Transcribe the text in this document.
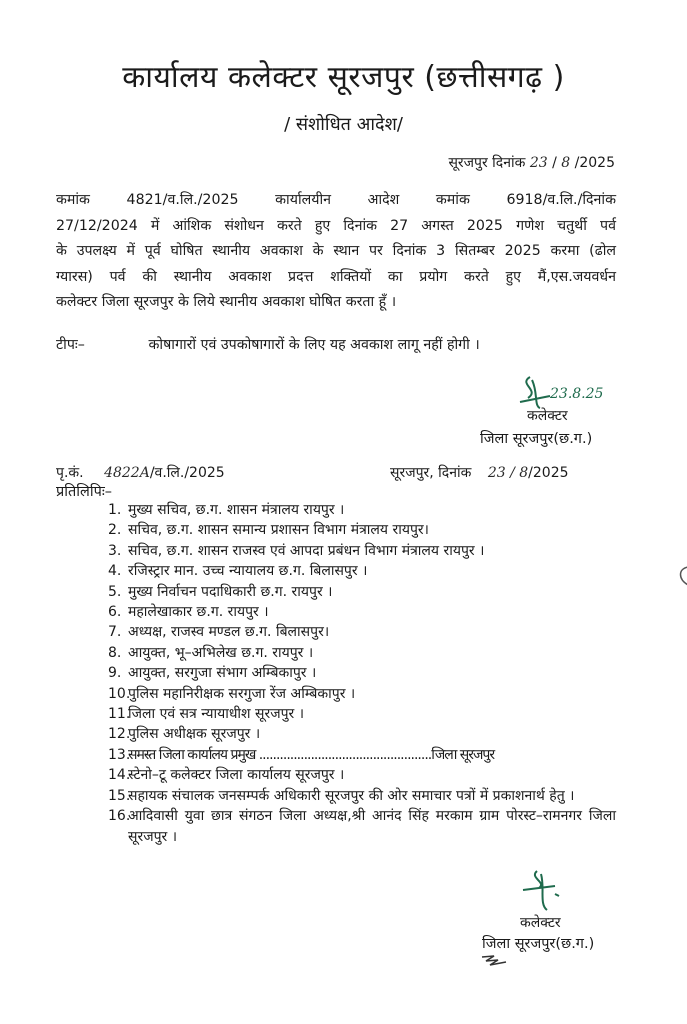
कार्यालय कलेक्टर सूरजपुर (छत्तीसगढ़ )
/ संशोधित आदेश/
सूरजपुर दिनांक 23 / 8 /2025
कमांक 4821/व.लि./2025 कार्यालयीन आदेश कमांक 6918/व.लि./दिनांक
27/12/2024 में आंशिक संशोधन करते हुए दिनांक 27 अगस्त 2025 गणेश चतुर्थी पर्व
के उपलक्ष्य में पूर्व घोषित स्थानीय अवकाश के स्थान पर दिनांक 3 सितम्बर 2025 करमा (ढोल
ग्यारस) पर्व की स्थानीय अवकाश प्रदत्त शक्तियों का प्रयोग करते हुए मैं,एस.जयवर्धन
कलेक्टर जिला सूरजपुर के लिये स्थानीय अवकाश घोषित करता हूँ ।
टीपः–	कोषागारों एवं उपकोषागारों के लिए यह अवकाश लागू नहीं होगी ।
23.8.25
कलेक्टर
जिला सूरजपुर(छ.ग.)
पृ.कं. 4822A/व.लि./2025	सूरजपुर, दिनांक 23 / 8/2025
प्रतिलिपिः–
1. मुख्य सचिव, छ.ग. शासन मंत्रालय रायपुर ।
2. सचिव, छ.ग. शासन समान्य प्रशासन विभाग मंत्रालय रायपुर।
3. सचिव, छ.ग. शासन राजस्व एवं आपदा प्रबंधन विभाग मंत्रालय रायपुर ।
4. रजिस्ट्रार मान. उच्च न्यायालय छ.ग. बिलासपुर ।
5. मुख्य निर्वाचन पदाधिकारी छ.ग. रायपुर ।
6. महालेखाकार छ.ग. रायपुर ।
7. अध्यक्ष, राजस्व मण्डल छ.ग. बिलासपुर।
8. आयुक्त, भू–अभिलेख छ.ग. रायपुर ।
9. आयुक्त, सरगुजा संभाग अम्बिकापुर ।
10.
पुलिस महानिरीक्षक सरगुजा रेंज अम्बिकापुर ।
11.
जिला एवं सत्र न्यायाधीश सूरजपुर ।
12.
पुलिस अधीक्षक सूरजपुर ।
13.
समस्त जिला कार्यालय प्रमुख ..................................................जिला सूरजपुर
14.
स्टेनो–टू कलेक्टर जिला कार्यालय सूरजपुर ।
15.
सहायक संचालक जनसम्पर्क अधिकारी सूरजपुर की ओर समाचार पत्रों में प्रकाशनार्थ हेतु ।
16.
आदिवासी युवा छात्र संगठन जिला अध्यक्ष,श्री आनंद सिंह मरकाम ग्राम पोरस्ट–रामनगर जिला सूरजपुर ।
कलेक्टर
जिला सूरजपुर(छ.ग.)
